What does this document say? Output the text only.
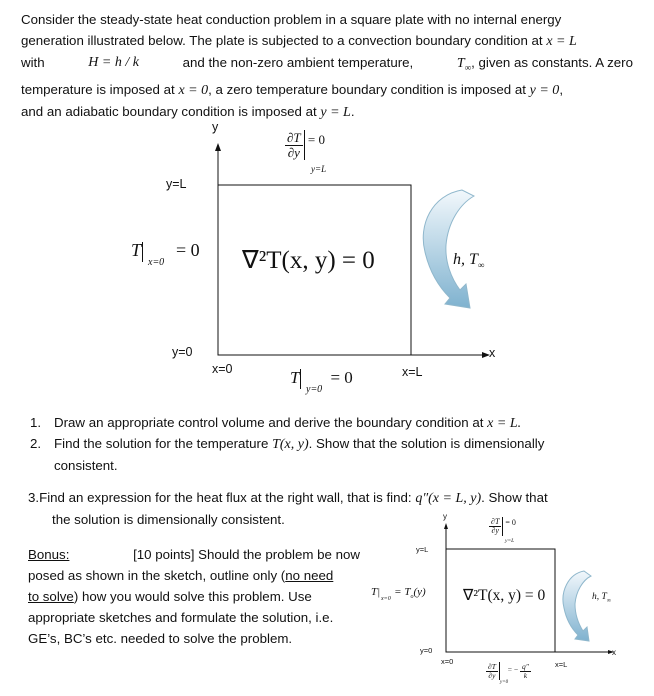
Consider the steady-state heat conduction problem in a square plate with no internal energy
generation illustrated below. The plate is subjected to a convection boundary condition at x = L
with	H = h / k	and the non-zero ambient temperature,	$T_\infty$, given as constants. A zero
temperature is imposed at x = 0, a zero temperature boundary condition is imposed at y = 0,
and an adiabatic boundary condition is imposed at y = L.
y
x
y=L
y=0
x=0	x=L
$\frac{\partial T}{\partial y} = 0$
y=L
T = 0
x=0	∇²T(x, y) = 0	h, $T_\infty$
T = 0
y=0
1. Draw an appropriate control volume and derive the boundary condition at x = L.
2. Find the solution for the temperature T(x, y). Show that the solution is dimensionally
consistent.
3.Find an expression for the heat flux at the right wall, that is find: q″(x = L, y). Show that
the solution is dimensionally consistent.
Bonus:	[10 points] Should the problem be now
posed as shown in the sketch, outline only (no need
to solve) how you would solve this problem. Use
appropriate sketches and formulate the solution, i.e.
GE’s, BC’s etc. needed to solve the problem.
y
x
y=L
y=0
x=0	x=L
$\frac{\partial T}{\partial y} = 0$
y=L
$T| = T_o(y)$
x=0	∇²T(x, y) = 0	h, $T_\infty$
$\frac{\partial T}{\partial y}$ = − $\frac{q''}{k}$
y=0
